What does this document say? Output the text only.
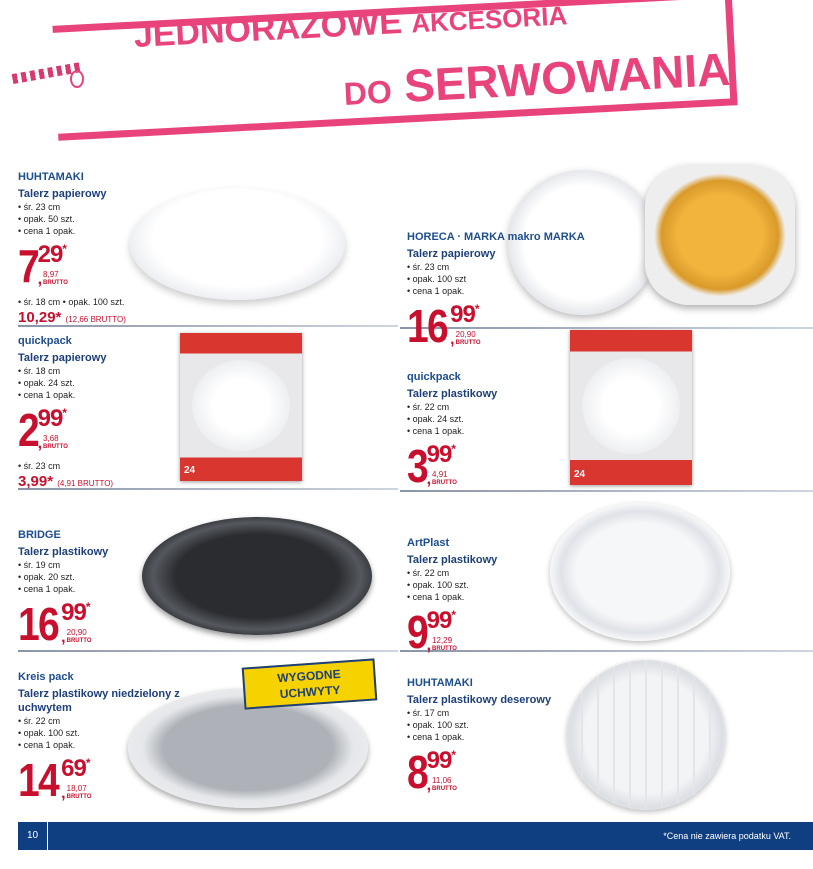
JEDNORAZOWE AKCESORIA
DO SERWOWANIA
24	24
WYGODNE
UCHWYTY
HUHTAMAKI
Talerz papierowy
• śr. 23 cm
• opak. 50 szt.
• cena 1 opak.
7 29*
, 8,97
BRUTTO
• śr. 18 cm • opak. 100 szt.
10,29* (12,66 BRUTTO)
quickpack
Talerz papierowy
• śr. 18 cm
• opak. 24 szt.
• cena 1 opak.
2 99*
, 3,68
BRUTTO
• śr. 23 cm
3,99* (4,91 BRUTTO)
HORECA · MARKA makro MARKA
Talerz papierowy
• śr. 23 cm
• opak. 100 szt
• cena 1 opak.
16 99*
, 20,90
BRUTTO
quickpack
Talerz plastikowy
• śr. 22 cm
• opak. 24 szt.
• cena 1 opak.
3 99*
, 4,91
BRUTTO
BRIDGE
Talerz plastikowy
• śr. 19 cm
• opak. 20 szt.
• cena 1 opak.
16 99*
, 20,90
BRUTTO
Kreis pack
Talerz plastikowy niedzielony z uchwytem
• śr. 22 cm
• opak. 100 szt.
• cena 1 opak.
14 69*
, 18,07
BRUTTO
ArtPlast
Talerz plastikowy
• śr. 22 cm
• opak. 100 szt.
• cena 1 opak.
9 99*
, 12,29
BRUTTO
HUHTAMAKI
Talerz plastikowy deserowy
• śr. 17 cm
• opak. 100 szt.
• cena 1 opak.
8 99*
, 11,06
BRUTTO
10	*Cena nie zawiera podatku VAT.
